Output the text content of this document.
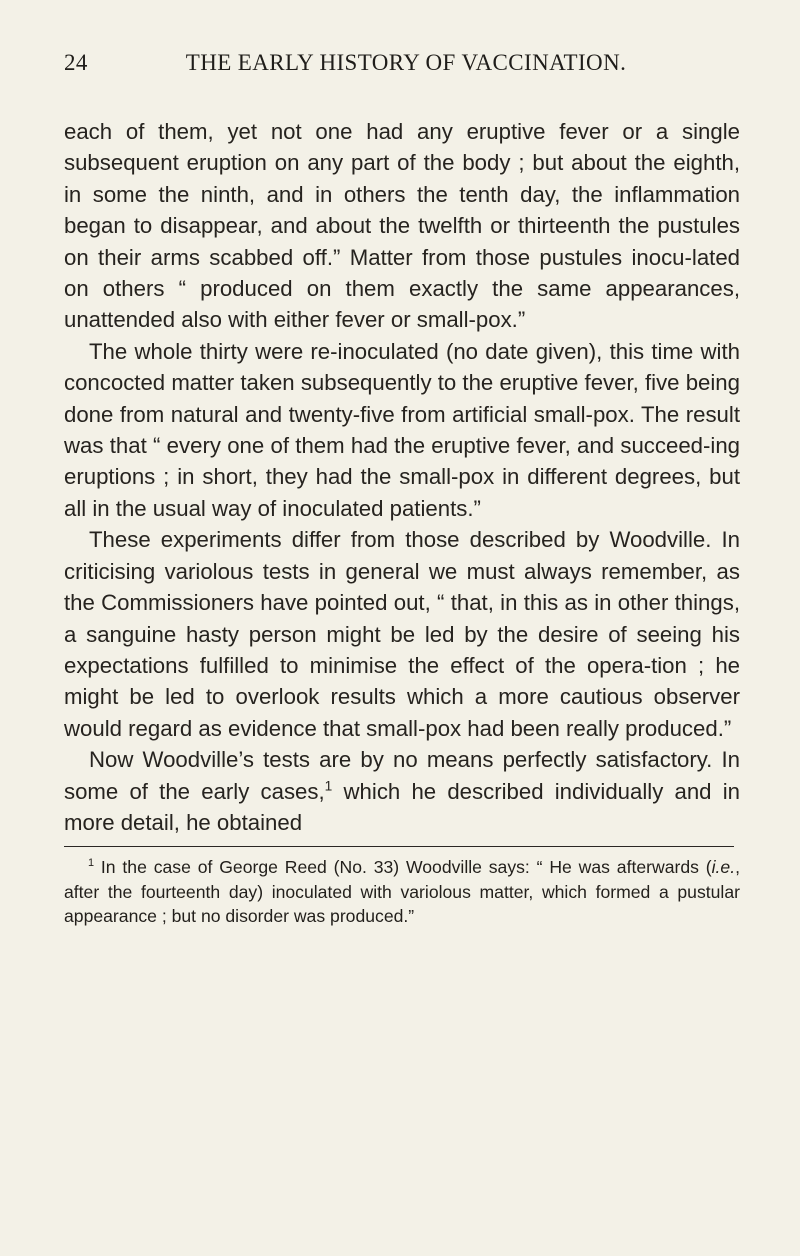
24	THE EARLY HISTORY OF VACCINATION.

each of them, yet not one had any eruptive fever or a single subsequent eruption on any part of the body ; but about the eighth, in some the ninth, and in others the tenth day, the inflammation began to disappear, and about the twelfth or thirteenth the pustules on their arms scabbed off.” Matter from those pustules inocu-lated on others “ produced on them exactly the same appearances, unattended also with either fever or small-pox.”

The whole thirty were re-inoculated (no date given), this time with concocted matter taken subsequently to the eruptive fever, five being done from natural and twenty-five from artificial small-pox. The result was that “ every one of them had the eruptive fever, and succeed-ing eruptions ; in short, they had the small-pox in different degrees, but all in the usual way of inoculated patients.”

These experiments differ from those described by Woodville. In criticising variolous tests in general we must always remember, as the Commissioners have pointed out, “ that, in this as in other things, a sanguine hasty person might be led by the desire of seeing his expectations fulfilled to minimise the effect of the opera-tion ; he might be led to overlook results which a more cautious observer would regard as evidence that small-pox had been really produced.”

Now Woodville’s tests are by no means perfectly satisfactory. In some of the early cases,$^1$ which he described individually and in more detail, he obtained

$^1$ In the case of George Reed (No. 33) Woodville says: “ He was afterwards (i.e., after the fourteenth day) inoculated with variolous matter, which formed a pustular appearance ; but no disorder was produced.”
